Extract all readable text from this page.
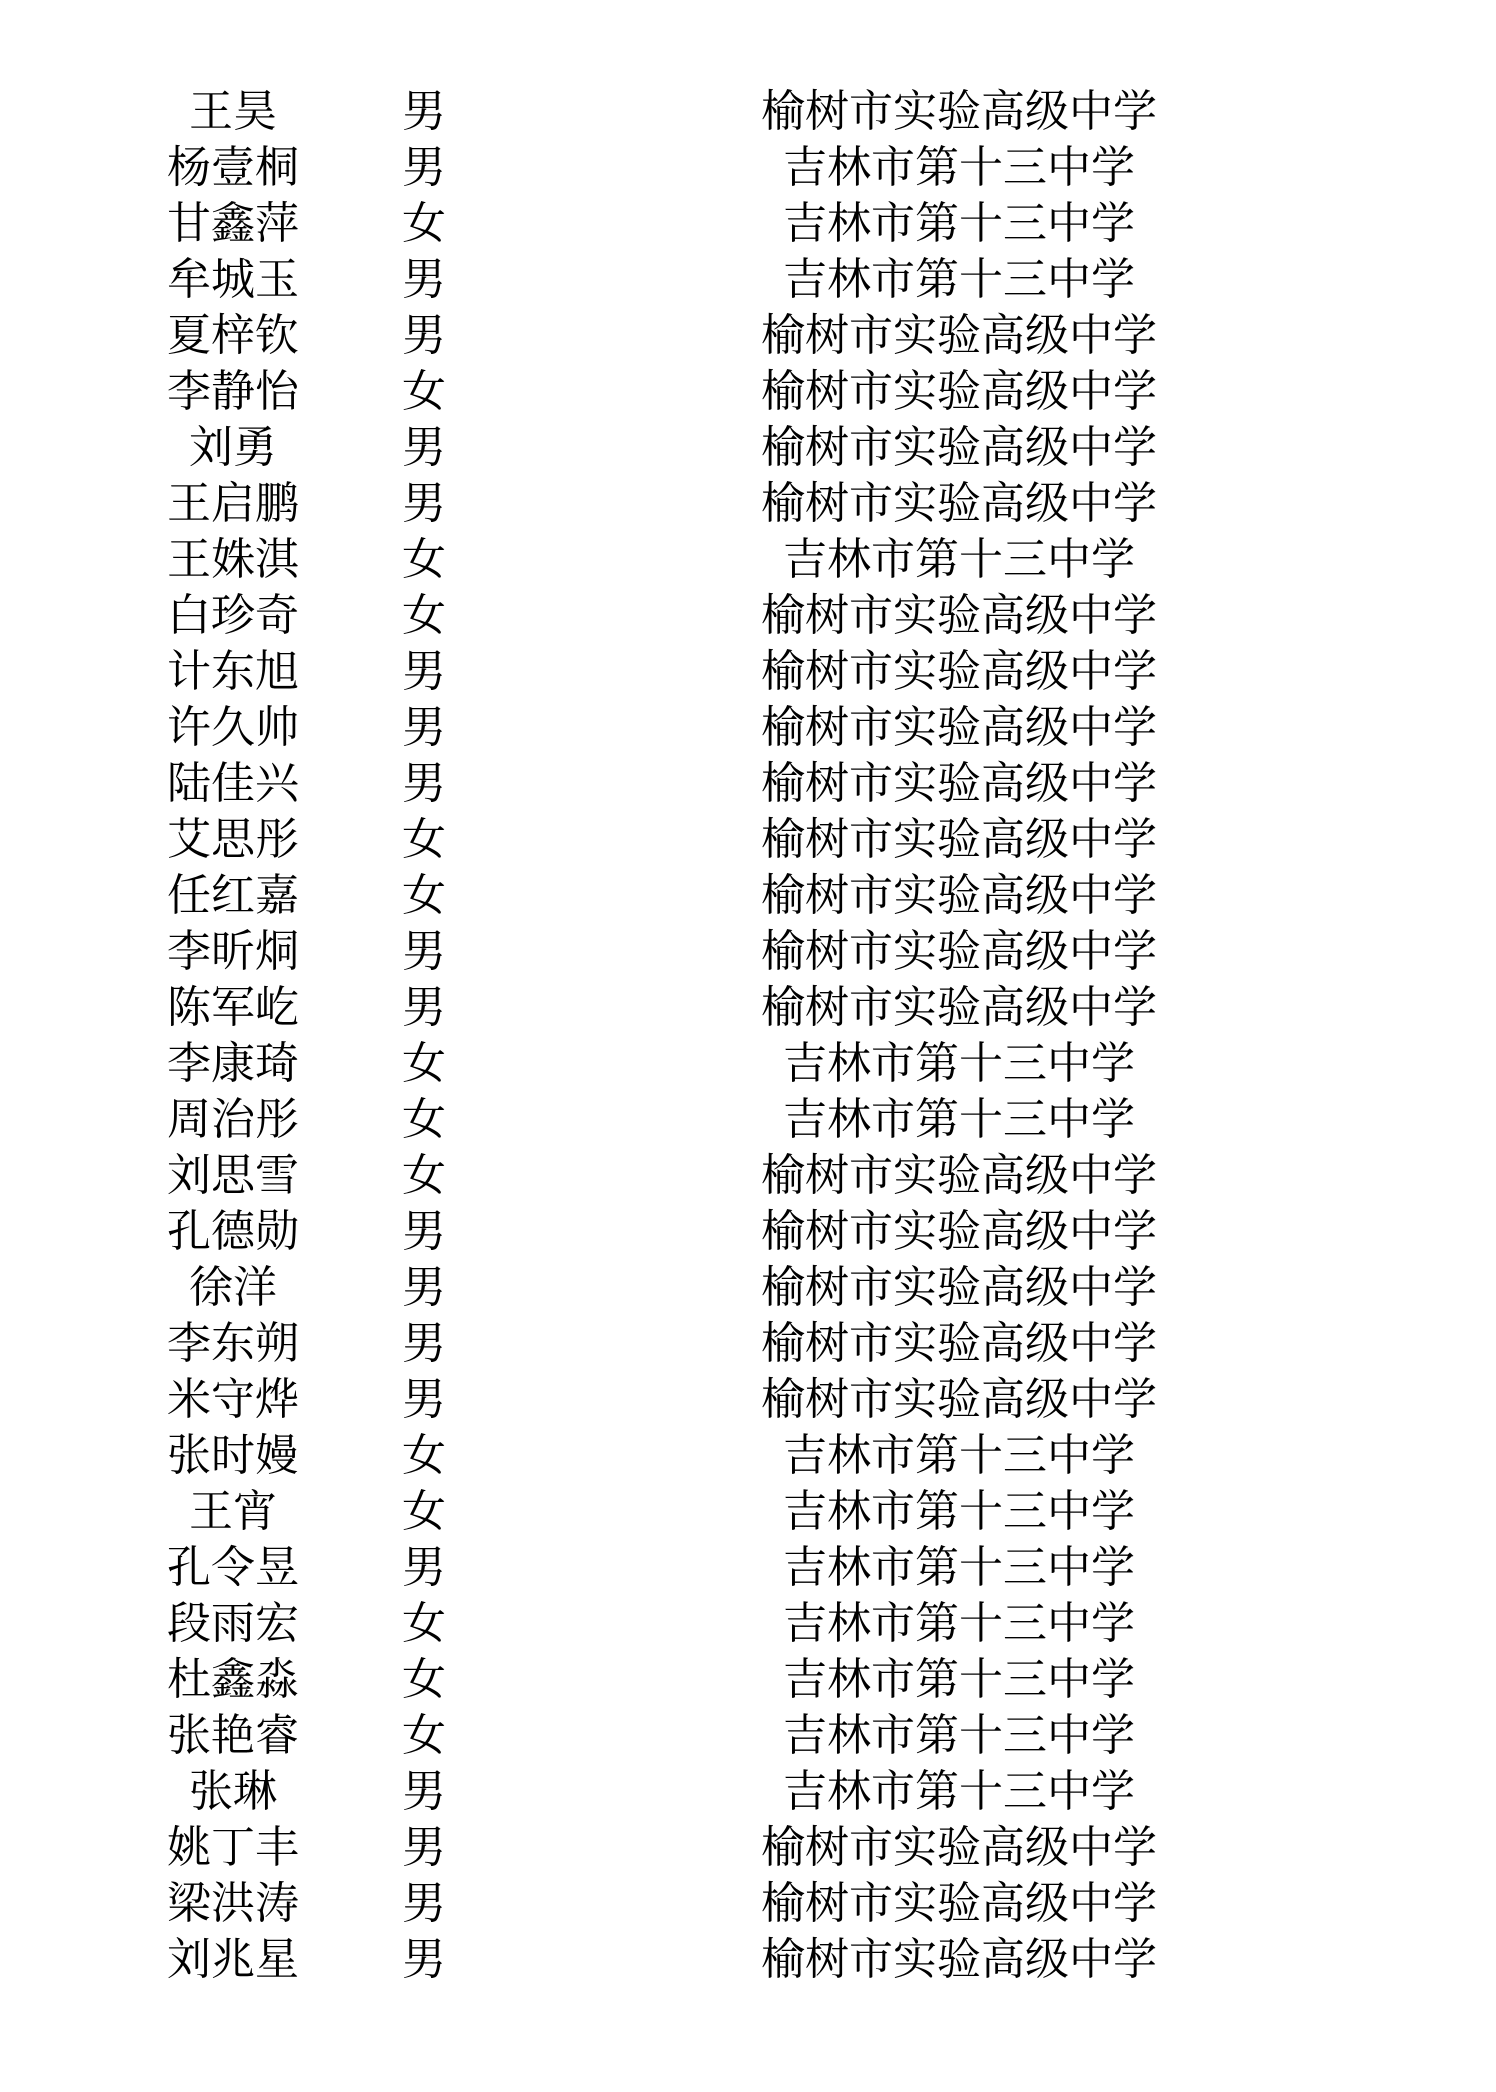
王昊	男	榆树市实验高级中学
杨壹桐	男	吉林市第十三中学
甘鑫萍	女	吉林市第十三中学
牟城玉	男	吉林市第十三中学
夏梓钦	男	榆树市实验高级中学
李静怡	女	榆树市实验高级中学
刘勇	男	榆树市实验高级中学
王启鹏	男	榆树市实验高级中学
王姝淇	女	吉林市第十三中学
白珍奇	女	榆树市实验高级中学
计东旭	男	榆树市实验高级中学
许久帅	男	榆树市实验高级中学
陆佳兴	男	榆树市实验高级中学
艾思彤	女	榆树市实验高级中学
任红嘉	女	榆树市实验高级中学
李昕烔	男	榆树市实验高级中学
陈军屹	男	榆树市实验高级中学
李康琦	女	吉林市第十三中学
周治彤	女	吉林市第十三中学
刘思雪	女	榆树市实验高级中学
孔德勋	男	榆树市实验高级中学
徐洋	男	榆树市实验高级中学
李东朔	男	榆树市实验高级中学
米守烨	男	榆树市实验高级中学
张时嫚	女	吉林市第十三中学
王宵	女	吉林市第十三中学
孔令昱	男	吉林市第十三中学
段雨宏	女	吉林市第十三中学
杜鑫淼	女	吉林市第十三中学
张艳睿	女	吉林市第十三中学
张琳	男	吉林市第十三中学
姚丁丰	男	榆树市实验高级中学
梁洪涛	男	榆树市实验高级中学
刘兆星	男	榆树市实验高级中学
